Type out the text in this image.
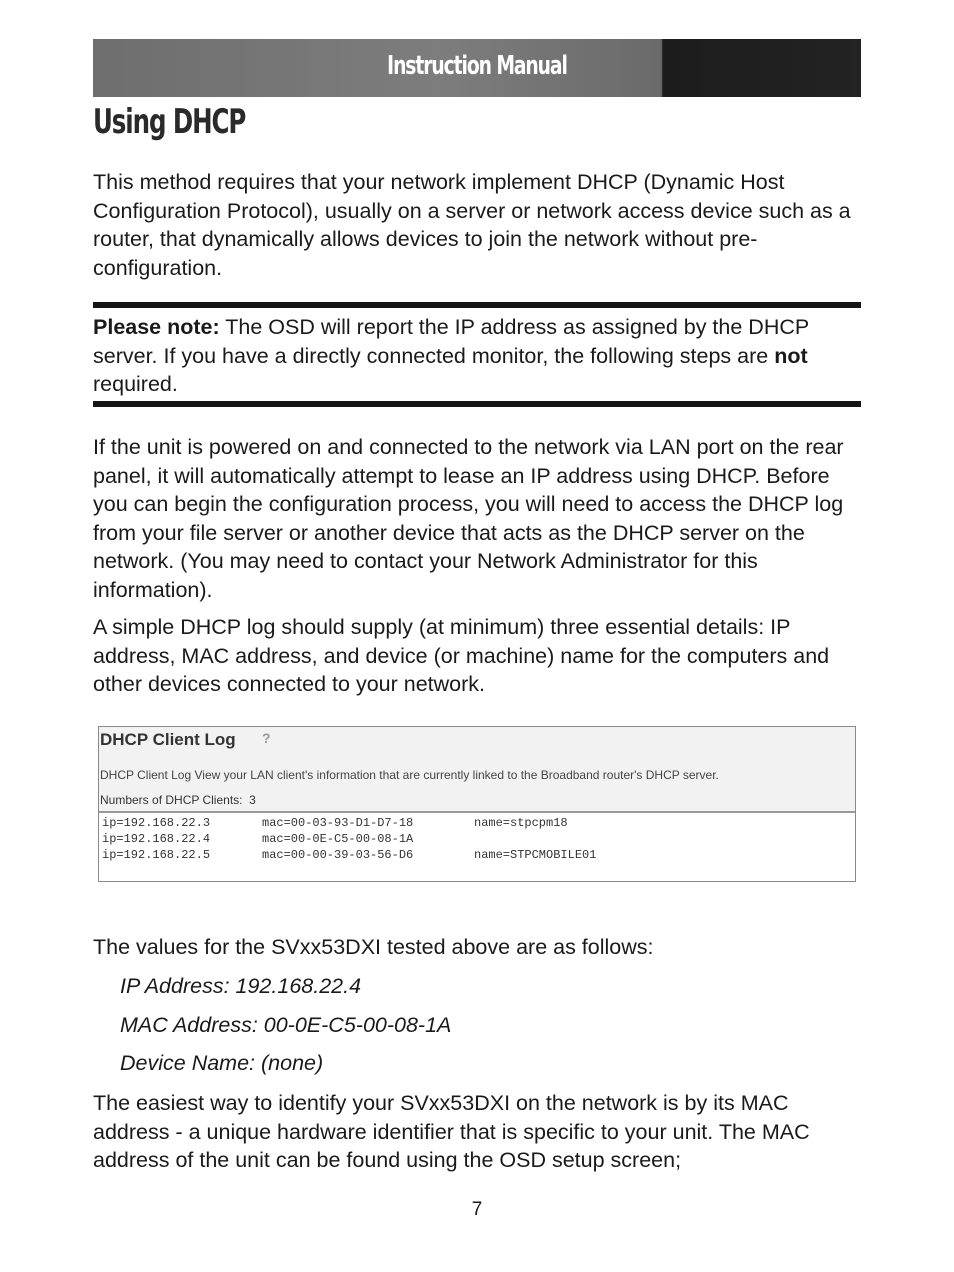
Instruction Manual
Using DHCP

This method requires that your network implement DHCP (Dynamic Host Configuration Protocol), usually on a server or network access device such as a router, that dynamically allows devices to join the network without pre-configuration.

Please note: The OSD will report the IP address as assigned by the DHCP server. If you have a directly connected monitor, the following steps are not required.

If the unit is powered on and connected to the network via LAN port on the rear panel, it will automatically attempt to lease an IP address using DHCP. Before you can begin the configuration process, you will need to access the DHCP log from your file server or another device that acts as the DHCP server on the network. (You may need to contact your Network Administrator for this information).

A simple DHCP log should supply (at minimum) three essential details: IP address, MAC address, and device (or machine) name for the computers and other devices connected to your network.

DHCP Client Log ?
DHCP Client Log View your LAN client's information that are currently linked to the Broadband router's DHCP server.
Numbers of DHCP Clients: 3

ip=192.168.22.3

	mac=00-03-93-D1-D7-18

	name=stpcpm18

ip=192.168.22.4

	mac=00-0E-C5-00-08-1A

ip=192.168.22.5

	mac=00-00-39-03-56-D6

	name=STPCMOBILE01

The values for the SVxx53DXI tested above are as follows:

IP Address: 192.168.22.4
MAC Address: 00-0E-C5-00-08-1A
Device Name: (none)

The easiest way to identify your SVxx53DXI on the network is by its MAC address - a unique hardware identifier that is specific to your unit. The MAC address of the unit can be found using the OSD setup screen;

7
